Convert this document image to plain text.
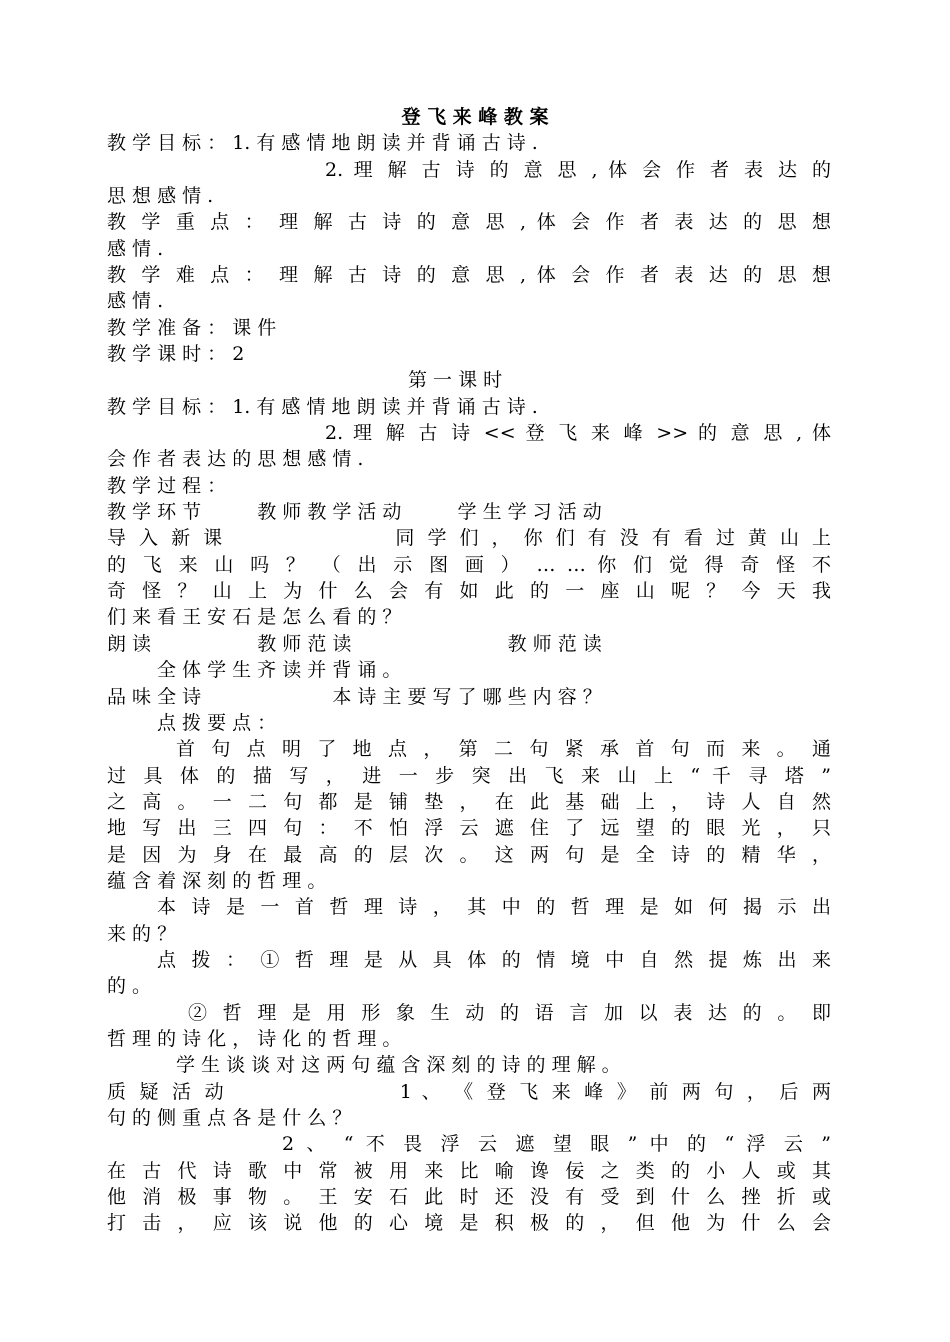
登 飞 来 峰 教 案
教 学 目 标 ： 1. 有 感 情 地 朗 读 并 背 诵 古 诗 .
2. 理 解 古 诗 的 意 思 , 体 会 作 者 表 达 的
思 想 感 情 .
教 学 重 点 ： 理 解 古 诗 的 意 思 , 体 会 作 者 表 达 的 思 想
感 情 .
教 学 难 点 ： 理 解 古 诗 的 意 思 , 体 会 作 者 表 达 的 思 想
感 情 .
教 学 准 备 ： 课 件
教 学 课 时 ： 2
第 一 课 时
教 学 目 标 ： 1. 有 感 情 地 朗 读 并 背 诵 古 诗 .
2. 理 解 古 诗 << 登 飞 来 峰 >> 的 意 思 , 体
会 作 者 表 达 的 思 想 感 情 .
教 学 过 程 ：
教 学 环 节 　 　 教 师 教 学 活 动 　 　 学 生 学 习 活 动
导 入 新 课 　 　 　 　 　 同 学 们 ， 你 们 有 没 有 看 过 黄 山 上
的 飞 来 山 吗 ？ （ 出 示 图 画 ） … … 你 们 觉 得 奇 怪 不
奇 怪 ？ 山 上 为 什 么 会 有 如 此 的 一 座 山 呢 ？ 今 天 我
们 来 看 王 安 石 是 怎 么 看 的 ？
朗 读 　 　 　 　 教 师 范 读 　 　 　 　 　 　 教 师 范 读
全 体 学 生 齐 读 并 背 诵 。
品 味 全 诗 　 　 　 　 　 本 诗 主 要 写 了 哪 些 内 容 ？
点 拨 要 点 ：
首 句 点 明 了 地 点 ， 第 二 句 紧 承 首 句 而 来 。 通
过 具 体 的 描 写 ， 进 一 步 突 出 飞 来 山 上 “ 千 寻 塔 ”
之 高 。 一 二 句 都 是 铺 垫 ， 在 此 基 础 上 ， 诗 人 自 然
地 写 出 三 四 句 ： 不 怕 浮 云 遮 住 了 远 望 的 眼 光 ， 只
是 因 为 身 在 最 高 的 层 次 。 这 两 句 是 全 诗 的 精 华 ，
蕴 含 着 深 刻 的 哲 理 。
本 诗 是 一 首 哲 理 诗 ， 其 中 的 哲 理 是 如 何 揭 示 出
来 的 ？
点 拨 ： ① 哲 理 是 从 具 体 的 情 境 中 自 然 提 炼 出 来
的 。
② 哲 理 是 用 形 象 生 动 的 语 言 加 以 表 达 的 。 即
哲 理 的 诗 化 ， 诗 化 的 哲 理 。
学 生 谈 谈 对 这 两 句 蕴 含 深 刻 的 诗 的 理 解 。
质 疑 活 动 　 　 　 　 　 1 、 《 登 飞 来 峰 》 前 两 句 ， 后 两
句 的 侧 重 点 各 是 什 么 ？
2 、 “ 不 畏 浮 云 遮 望 眼 ” 中 的 “ 浮 云 ”
在 古 代 诗 歌 中 常 被 用 来 比 喻 谗 佞 之 类 的 小 人 或 其
他 消 极 事 物 。 王 安 石 此 时 还 没 有 受 到 什 么 挫 折 或
打 击 ， 应 该 说 他 的 心 境 是 积 极 的 ， 但 他 为 什 么 会
